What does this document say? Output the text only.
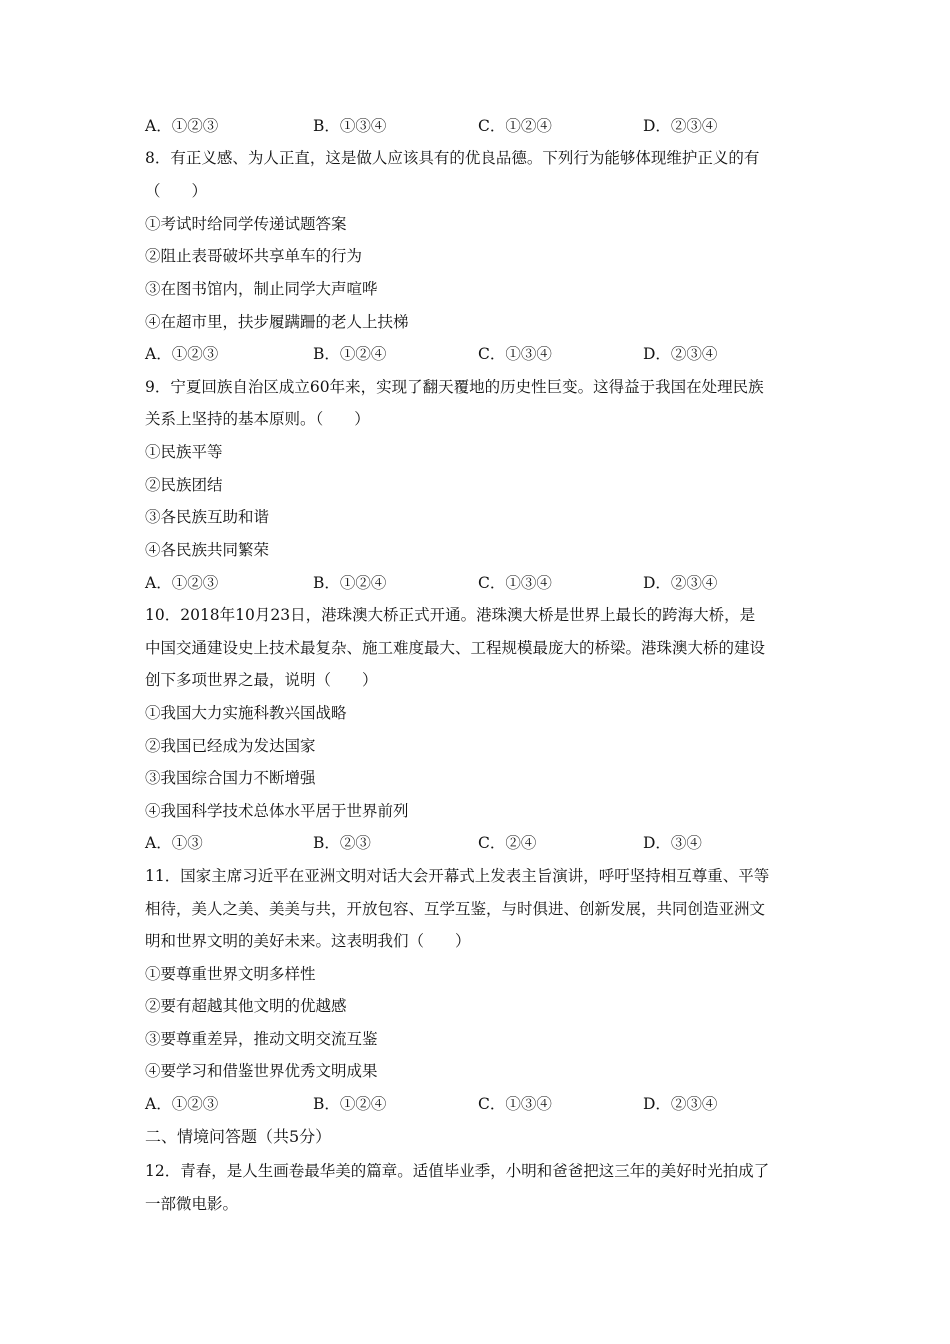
A．①②③	B．①③④	C．①②④	D．②③④
8．有正义感、为人正直，这是做人应该具有的优良品德。下列行为能够体现维护正义的有
（　　）
①考试时给同学传递试题答案
②阻止表哥破坏共享单车的行为
③在图书馆内，制止同学大声喧哗
④在超市里，扶步履蹒跚的老人上扶梯
A．①②③	B．①②④	C．①③④	D．②③④
9．宁夏回族自治区成立60年来，实现了翻天覆地的历史性巨变。这得益于我国在处理民族
关系上坚持的基本原则。（　　）
①民族平等
②民族团结
③各民族互助和谐
④各民族共同繁荣
A．①②③	B．①②④	C．①③④	D．②③④
10．2018年10月23日，港珠澳大桥正式开通。港珠澳大桥是世界上最长的跨海大桥，是
中国交通建设史上技术最复杂、施工难度最大、工程规模最庞大的桥梁。港珠澳大桥的建设
创下多项世界之最，说明（　　）
①我国大力实施科教兴国战略
②我国已经成为发达国家
③我国综合国力不断增强
④我国科学技术总体水平居于世界前列
A．①③	B．②③	C．②④	D．③④
11．国家主席习近平在亚洲文明对话大会开幕式上发表主旨演讲，呼吁坚持相互尊重、平等
相待，美人之美、美美与共，开放包容、互学互鉴，与时俱进、创新发展，共同创造亚洲文
明和世界文明的美好未来。这表明我们（　　）
①要尊重世界文明多样性
②要有超越其他文明的优越感
③要尊重差异，推动文明交流互鉴
④要学习和借鉴世界优秀文明成果
A．①②③	B．①②④	C．①③④	D．②③④
二、情境问答题（共5分）
12．青春，是人生画卷最华美的篇章。适值毕业季，小明和爸爸把这三年的美好时光拍成了
一部微电影。
